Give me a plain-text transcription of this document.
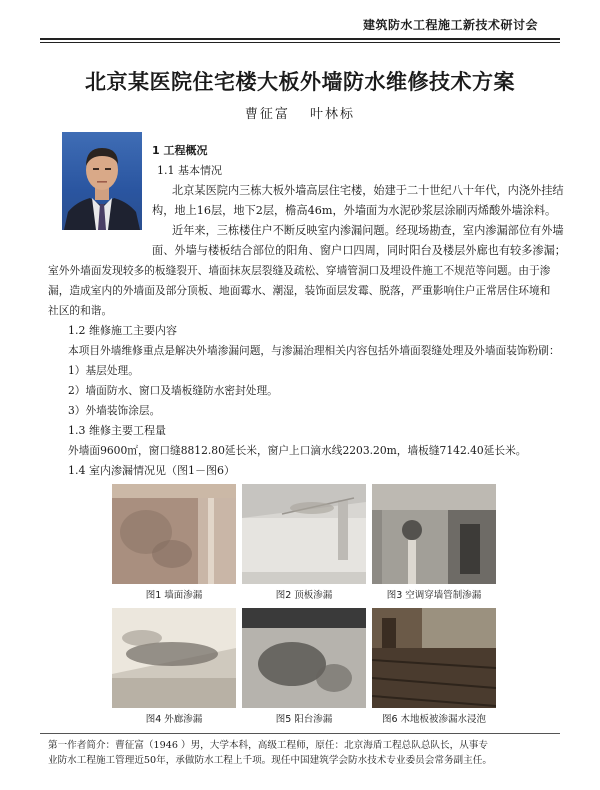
建筑防水工程施工新技术研讨会
北京某医院住宅楼大板外墙防水维修技术方案
曹征富 叶林标

1 工程概况

1.1 基本情况

北京某医院内三栋大板外墙高层住宅楼，始建于二十世纪八十年代，内浇外挂结

构，地上16层，地下2层，檐高46m，外墙面为水泥砂浆层涂刷丙烯酸外墙涂料。

近年来，三栋楼住户不断反映室内渗漏问题。经现场勘查，室内渗漏部位有外墙

面、外墙与楼板结合部位的阳角、窗户口四周，同时阳台及楼层外廊也有较多渗漏；

室外外墙面发现较多的板缝裂开、墙面抹灰层裂缝及疏松、穿墙管洞口及埋设件施工不规范等问题。由于渗

漏，造成室内的外墙面及部分顶板、地面霉水、潮湿，装饰面层发霉、脱落，严重影响住户正常居住环境和

社区的和谐。

1.2 维修施工主要内容

本项目外墙维修重点是解决外墙渗漏问题，与渗漏治理相关内容包括外墙面裂缝处理及外墙面装饰粉刷：

1）基层处理。

2）墙面防水、窗口及墙板缝防水密封处理。

3）外墙装饰涂层。

1.3 维修主要工程量

外墙面9600㎡，窗口缝8812.80延长米，窗户上口滴水线2203.20m，墙板缝7142.40延长米。

1.4 室内渗漏情况见（图1－图6）

图1 墙面渗漏	图2 顶板渗漏	图3 空调穿墙管制渗漏
图4 外廊渗漏	图5 阳台渗漏	图6 木地板被渗漏水浸泡

第一作者简介：曹征富（1946 ）男，大学本科，高级工程师，原任：北京海盾工程总队总队长，从事专

业防水工程施工管理近50年，承做防水工程上千项。现任中国建筑学会防水技术专业委员会常务副主任。
